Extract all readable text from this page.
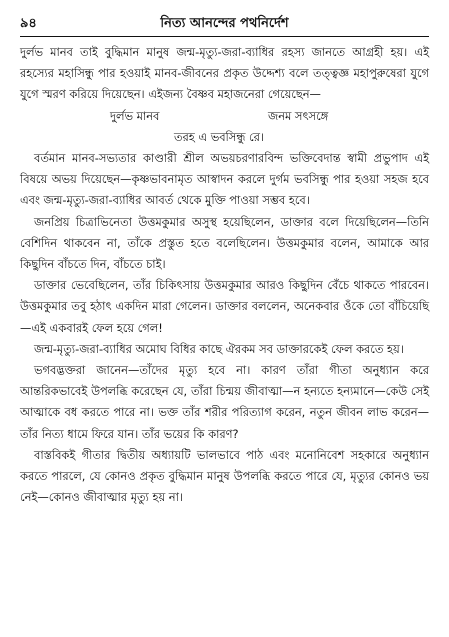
৯৪	নিত্য আনন্দের পথনির্দেশ

দুর্লভ মানব তাই বুদ্ধিমান মানুষ জন্ম-মৃত্যু-জরা-ব্যাধির রহস্য জানতে আগ্রহী হয়। এই রহস্যের মহাসিন্ধু পার হওয়াই মানব-জীবনের প্রকৃত উদ্দেশ্য বলে তত্ত্বজ্ঞ মহাপুরুষেরা যুগে যুগে স্মরণ করিয়ে দিয়েছেন। এইজন্য বৈষ্ণব মহাজনেরা গেয়েছেন—

দুর্লভ মানব	জনম সৎসঙ্গে
তরহ এ ভবসিন্ধু রে।

বর্তমান মানব-সভ্যতার কাণ্ডারী শ্রীল অভয়চরণারবিন্দ ভক্তিবেদান্ত স্বামী প্রভুপাদ এই বিষয়ে অভয় দিয়েছেন—কৃষ্ণভাবনামৃত আস্বাদন করলে দুর্গম ভবসিন্ধু পার হওয়া সহজ হবে এবং জন্ম-মৃত্যু-জরা-ব্যাধির আবর্ত থেকে মুক্তি পাওয়া সম্ভব হবে।

জনপ্রিয় চিত্রাভিনেতা উত্তমকুমার অসুস্থ হয়েছিলেন, ডাক্তার বলে দিয়েছিলেন—তিনি বেশিদিন থাকবেন না, তাঁকে প্রস্তুত হতে বলেছিলেন। উত্তমকুমার বলেন, আমাকে আর কিছুদিন বাঁচতে দিন, বাঁচতে চাই।

ডাক্তার ভেবেছিলেন, তাঁর চিকিৎসায় উত্তমকুমার আরও কিছুদিন বেঁচে থাকতে পারবেন। উত্তমকুমার তবু হঠাৎ একদিন মারা গেলেন। ডাক্তার বললেন, অনেকবার ওঁকে তো বাঁচিয়েছি—এই একবারই ফেল হয়ে গেল!

জন্ম-মৃত্যু-জরা-ব্যাধির অমোঘ বিধির কাছে ঐরকম সব ডাক্তারকেই ফেল করতে হয়।

ভগবদ্ভক্তরা জানেন—তাঁদের মৃত্যু হবে না। কারণ তাঁরা গীতা অনুধ্যান করে আন্তরিকভাবেই উপলব্ধি করেছেন যে, তাঁরা চিন্ময় জীবাত্মা—ন হন্যতে হন্যমানে—কেউ সেই আত্মাকে বধ করতে পারে না। ভক্ত তাঁর শরীর পরিত্যাগ করেন, নতুন জীবন লাভ করেন—তাঁর নিত্য ধামে ফিরে যান। তাঁর ভয়ের কি কারণ?

বাস্তবিকই গীতার দ্বিতীয় অধ্যায়টি ভালভাবে পাঠ এবং মনোনিবেশ সহকারে অনুধ্যান করতে পারলে, যে কোনও প্রকৃত বুদ্ধিমান মানুষ উপলব্ধি করতে পারে যে, মৃত্যুর কোনও ভয় নেই—কোনও জীবাত্মার মৃত্যু হয় না।
